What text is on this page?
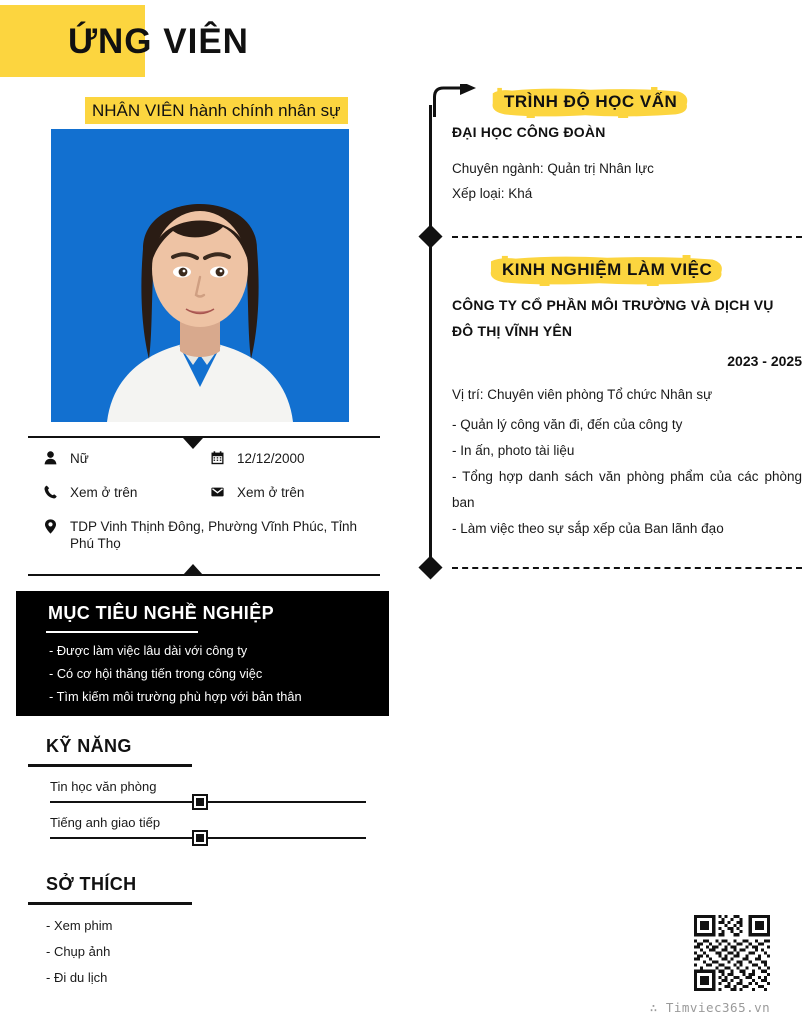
ỨNG VIÊN
NHÂN VIÊN hành chính nhân sự
Nữ	12/12/2000
Xem ở trên	Xem ở trên
TDP Vinh Thịnh Đông, Phường Vĩnh Phúc, Tỉnh Phú Thọ
MỤC TIÊU NGHỀ NGHIỆP
- Được làm việc lâu dài với công ty
- Có cơ hội thăng tiến trong công việc
- Tìm kiếm môi trường phù hợp với bản thân
KỸ NĂNG
Tin học văn phòng
Tiếng anh giao tiếp
SỞ THÍCH
- Xem phim
- Chụp ảnh
- Đi du lịch
TRÌNH ĐỘ HỌC VẤN
ĐẠI HỌC CÔNG ĐOÀN
Chuyên ngành: Quản trị Nhân lực
Xếp loại: Khá
KINH NGHIỆM LÀM VIỆC
CÔNG TY CỔ PHẦN MÔI TRƯỜNG VÀ DỊCH VỤ
ĐÔ THỊ VĨNH YÊN
2023 - 2025
Vị trí: Chuyên viên phòng Tổ chức Nhân sự
- Quản lý công văn đi, đến của công ty
- In ấn, photo tài liệu
- Tổng hợp danh sách văn phòng phẩm của các phòng ban
- Làm việc theo sự sắp xếp của Ban lãnh đạo
∴ Timviec365.vn
